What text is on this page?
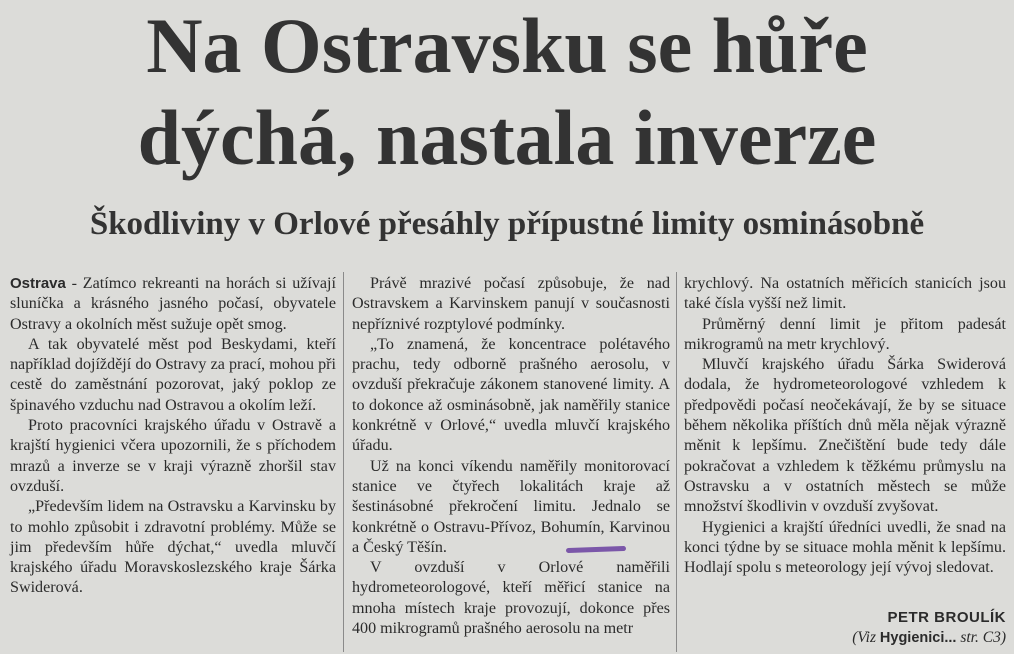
Na Ostravsku se hůře
dýchá, nastala inverze
Škodliviny v Orlové přesáhly přípustné limity osminásobně

Ostrava - Zatímco rekreanti na horách si užívají sluníčka a krásného jasného počasí, obyvatele Ostravy a okolních měst sužuje opět smog.

A tak obyvatelé měst pod Beskydami, kteří například dojíždějí do Ostravy za prací, mohou při cestě do zaměstnání pozorovat, jaký poklop ze špinavého vzduchu nad Ostravou a okolím leží.

Proto pracovníci krajského úřadu v Ostravě a krajští hygienici včera upozornili, že s příchodem mrazů a inverze se v kraji výrazně zhoršil stav ovzduší.

„Především lidem na Ostravsku a Karvinsku by to mohlo způsobit i zdravotní problémy. Může se jim především hůře dýchat,“ uvedla mluvčí krajského úřadu Moravskoslezského kraje Šárka Swiderová.

Právě mrazivé počasí způsobuje, že nad Ostravskem a Karvinskem panují v současnosti nepříznivé rozptylové podmínky.

„To znamená, že koncentrace polétavého prachu, tedy odborně prašného aerosolu, v ovzduší překračuje zákonem stanovené limity. A to dokonce až osminásobně, jak naměřily stanice konkrétně v Orlové,“ uvedla mluvčí krajského úřadu.

Už na konci víkendu naměřily monitorovací stanice ve čtyřech lokalitách kraje až šestinásobné překročení limitu. Jednalo se konkrétně o Ostravu-Přívoz, Bohumín, Karvinou a Český Těšín.

V ovzduší v Orlové naměřili hydrometeorologové, kteří měřicí stanice na mnoha místech kraje provozují, dokonce přes 400 mikrogramů prašného aerosolu na metr

krychlový. Na ostatních měřicích stanicích jsou také čísla vyšší než limit.

Průměrný denní limit je přitom padesát mikrogramů na metr krychlový.

Mluvčí krajského úřadu Šárka Swiderová dodala, že hydrometeorologové vzhledem k předpovědi počasí neočekávají, že by se situace během několika příštích dnů měla nějak výrazně měnit k lepšímu. Znečištění bude tedy dále pokračovat a vzhledem k těžkému průmyslu na Ostravsku a v ostatních městech se může množství škodlivin v ovzduší zvyšovat.

Hygienici a krajští úředníci uvedli, že snad na konci týdne by se situace mohla měnit k lepšímu. Hodlají spolu s meteorology její vývoj sledovat.

PETR BROULÍK
(Viz Hygienici... str. C3)
